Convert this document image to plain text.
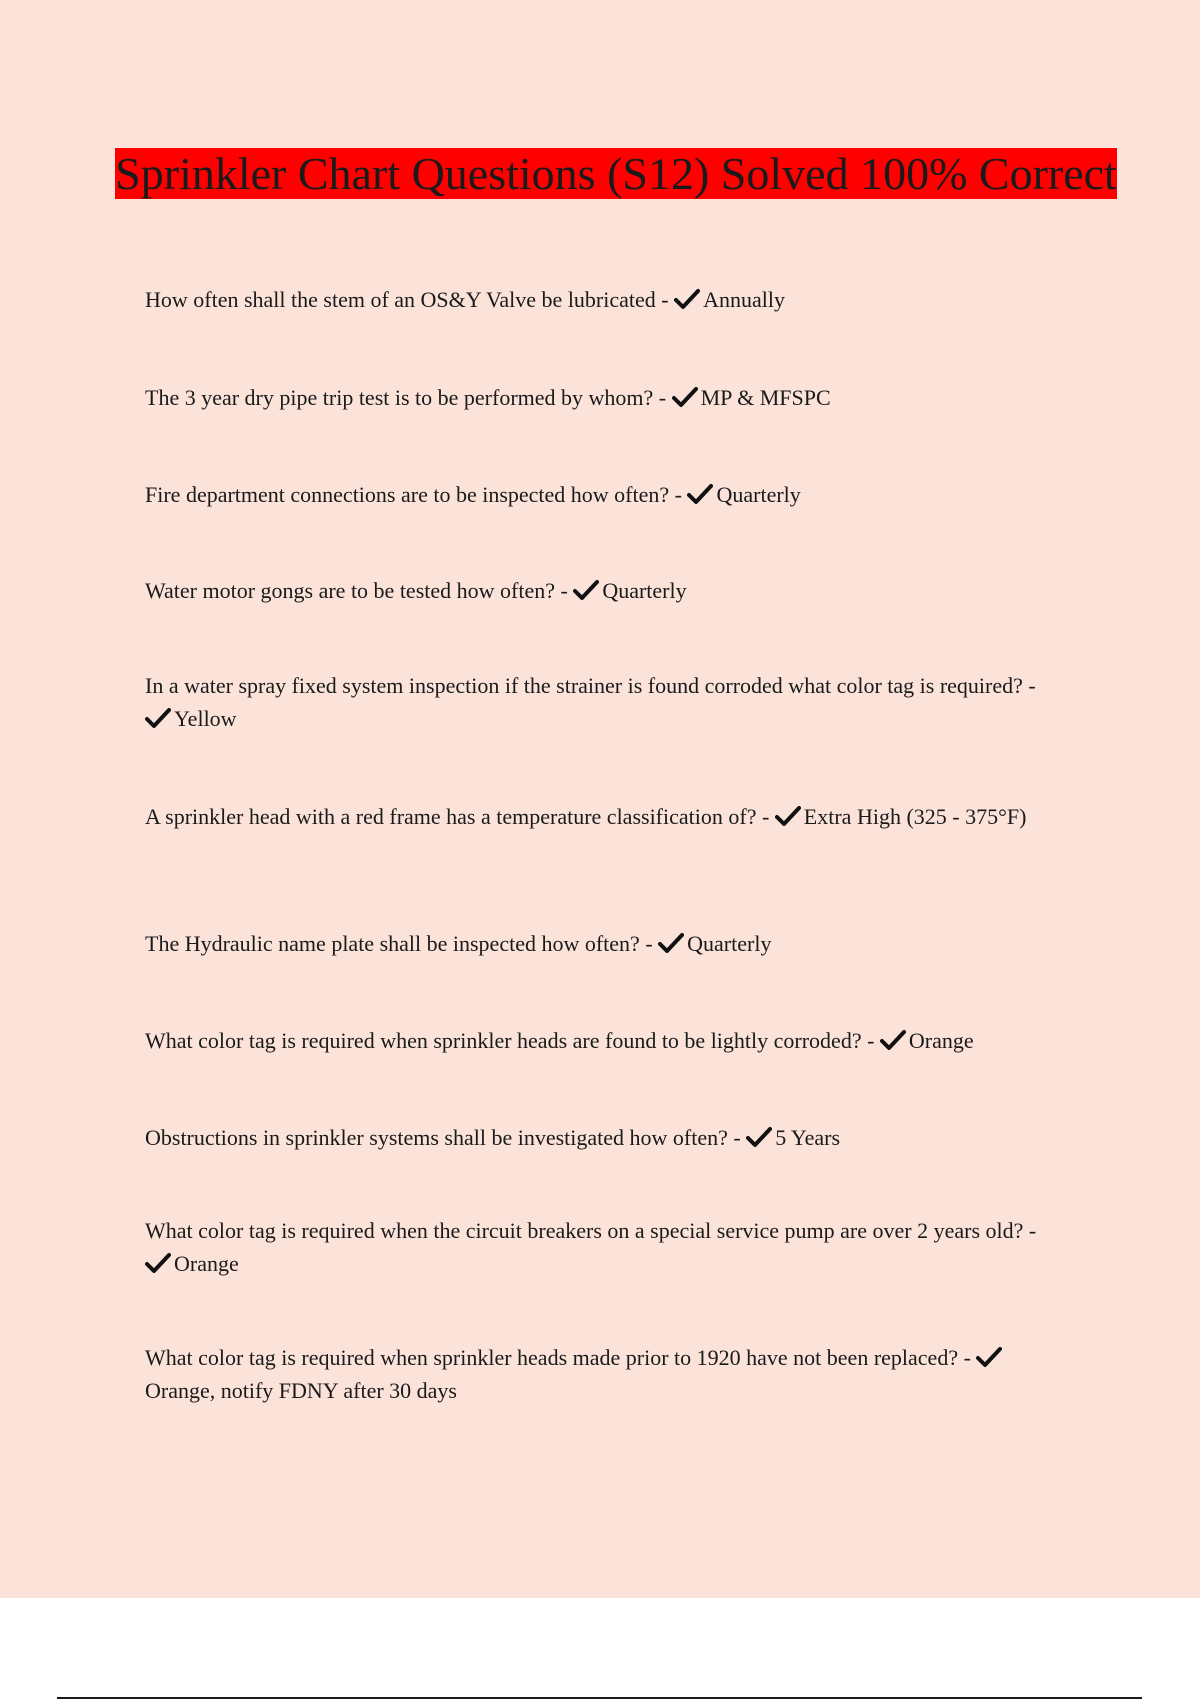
Sprinkler Chart Questions (S12) Solved 100% Correct
How often shall the stem of an OS&Y Valve be lubricated -
Annually
The 3 year dry pipe trip test is to be performed by whom? -
MP & MFSPC
Fire department connections are to be inspected how often? -
Quarterly
Water motor gongs are to be tested how often? -
Quarterly
In a water spray fixed system inspection if the strainer is found corroded what color tag is required? -
Yellow
A sprinkler head with a red frame has a temperature classification of? -
Extra High (325 - 375°F)
The Hydraulic name plate shall be inspected how often? -
Quarterly
What color tag is required when sprinkler heads are found to be lightly corroded? -
Orange
Obstructions in sprinkler systems shall be investigated how often? -
5 Years
What color tag is required when the circuit breakers on a special service pump are over 2 years old? -
Orange
What color tag is required when sprinkler heads made prior to 1920 have not been replaced? -
Orange, notify FDNY after 30 days
